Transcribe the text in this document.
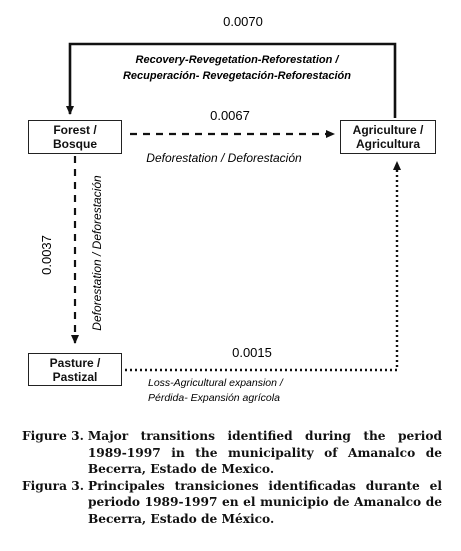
0.0070
Recovery-Revegetation-Reforestation /
Recuperación- Revegetación-Reforestación
0.0067
Deforestation / Deforestación
0.0037	Deforestation / Deforestación
0.0015
Loss-Agricultural expansion /
Pérdida- Expansión agrícola
Forest /
Bosque
Agriculture /
Agricultura
Pasture /
Pastizal
Figure 3. Major transitions identified during the period 1989-1997 in the municipality of Amanalco de Becerra, Estado de Mexico.
Figura 3. Principales transiciones identificadas durante el periodo 1989-1997 en el municipio de Amanalco de Becerra, Estado de México.
